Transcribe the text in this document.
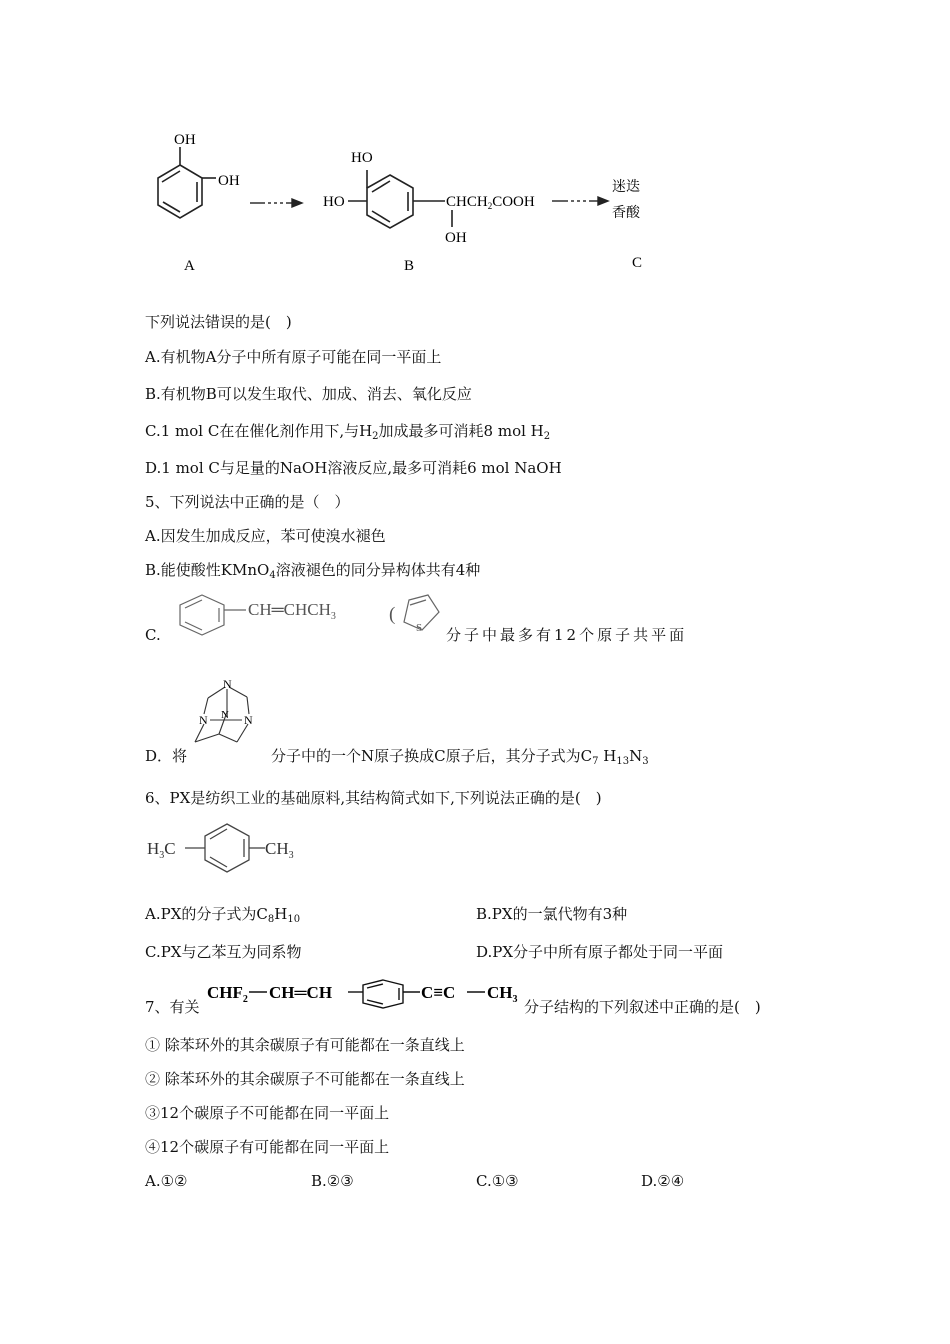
OH
OH
A
HO
HO	$CHCH_2COOH$
OH
B
迷迭
香酸
C
下列说法错误的是(　)
A.有机物A分子中所有原子可能在同一平面上
B.有机物B可以发生取代、加成、消去、氧化反应
C.1 mol C在在催化剂作用下,与$H_2$加成最多可消耗8 mol $H_2$
D.1 mol C与足量的NaOH溶液反应,最多可消耗6 mol NaOH
5、下列说法中正确的是（　）
A.因发生加成反应，苯可使溴水褪色
B.能使酸性KMnO$_4$溶液褪色的同分异构体共有4种
C.
$CH═CHCH_3$	(
S 分子中最多有12个原子共平面
D．将
N
N	N
N
分子中的一个N原子换成C原子后，其分子式为$C_7$ $H_{13}N_3$
6、PX是纺织工业的基础原料,其结构简式如下,下列说法正确的是(　)
$H_3C$	$CH_3$
A.PX的分子式为$C_8H_{10}$	B.PX的一氯代物有3种
C.PX与乙苯互为同系物	D.PX分子中所有原子都处于同一平面
7、有关
$CHF_2$ CH═CH	C≡C $CH_3$ 分子结构的下列叙述中正确的是(　)
① 除苯环外的其余碳原子有可能都在一条直线上
② 除苯环外的其余碳原子不可能都在一条直线上
③12个碳原子不可能都在同一平面上
④12个碳原子有可能都在同一平面上
A.①②	B.②③	C.①③	D.②④
